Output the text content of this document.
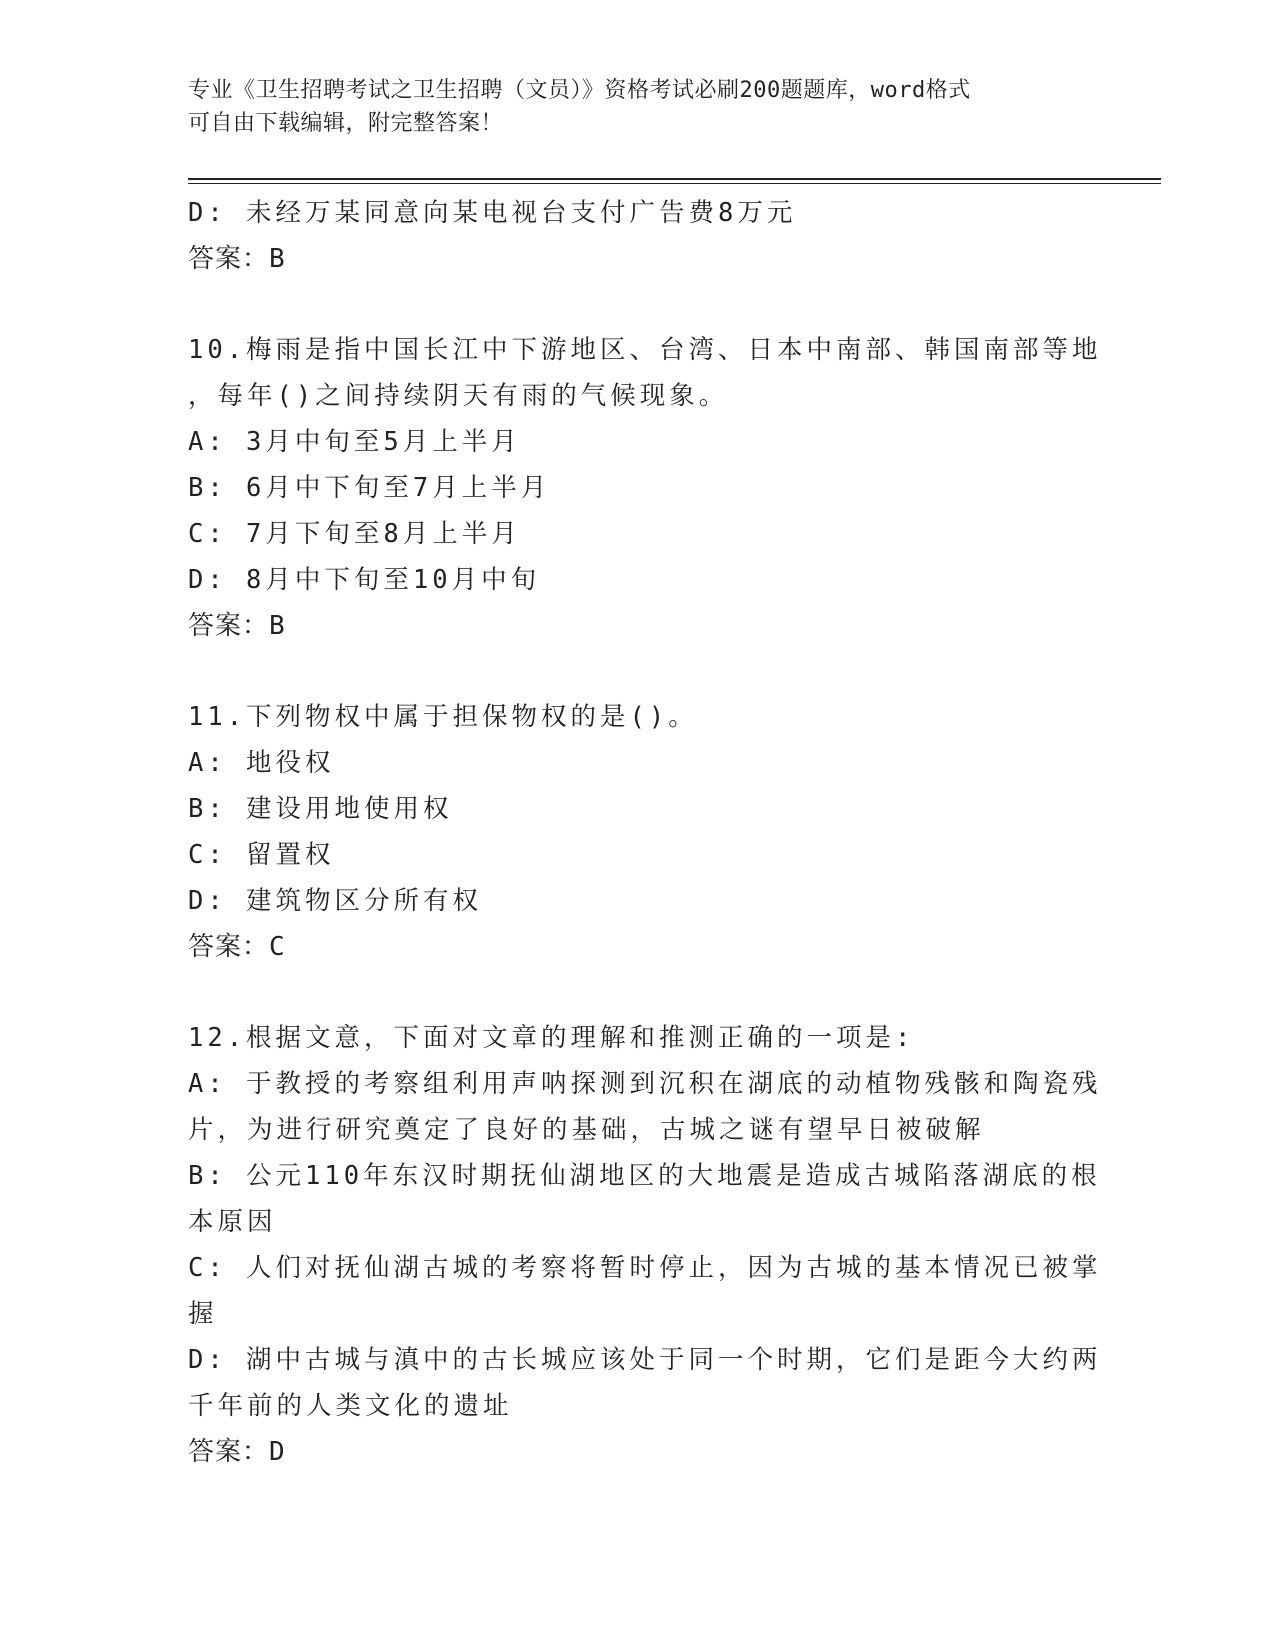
专业《卫生招聘考试之卫生招聘（文员）》资格考试必刷200题题库，word格式
可自由下载编辑，附完整答案！
D: 未经万某同意向某电视台支付广告费8万元
答案：B
10.梅雨是指中国长江中下游地区、台湾、日本中南部、韩国南部等地
，每年()之间持续阴天有雨的气候现象。
A: 3月中旬至5月上半月
B: 6月中下旬至7月上半月
C: 7月下旬至8月上半月
D: 8月中下旬至10月中旬
答案：B
11.下列物权中属于担保物权的是()。
A: 地役权
B: 建设用地使用权
C: 留置权
D: 建筑物区分所有权
答案：C
12.根据文意，下面对文章的理解和推测正确的一项是:
A: 于教授的考察组利用声呐探测到沉积在湖底的动植物残骸和陶瓷残
片，为进行研究奠定了良好的基础，古城之谜有望早日被破解
B: 公元110年东汉时期抚仙湖地区的大地震是造成古城陷落湖底的根
本原因
C: 人们对抚仙湖古城的考察将暂时停止，因为古城的基本情况已被掌
握
D: 湖中古城与滇中的古长城应该处于同一个时期，它们是距今大约两
千年前的人类文化的遗址
答案：D
